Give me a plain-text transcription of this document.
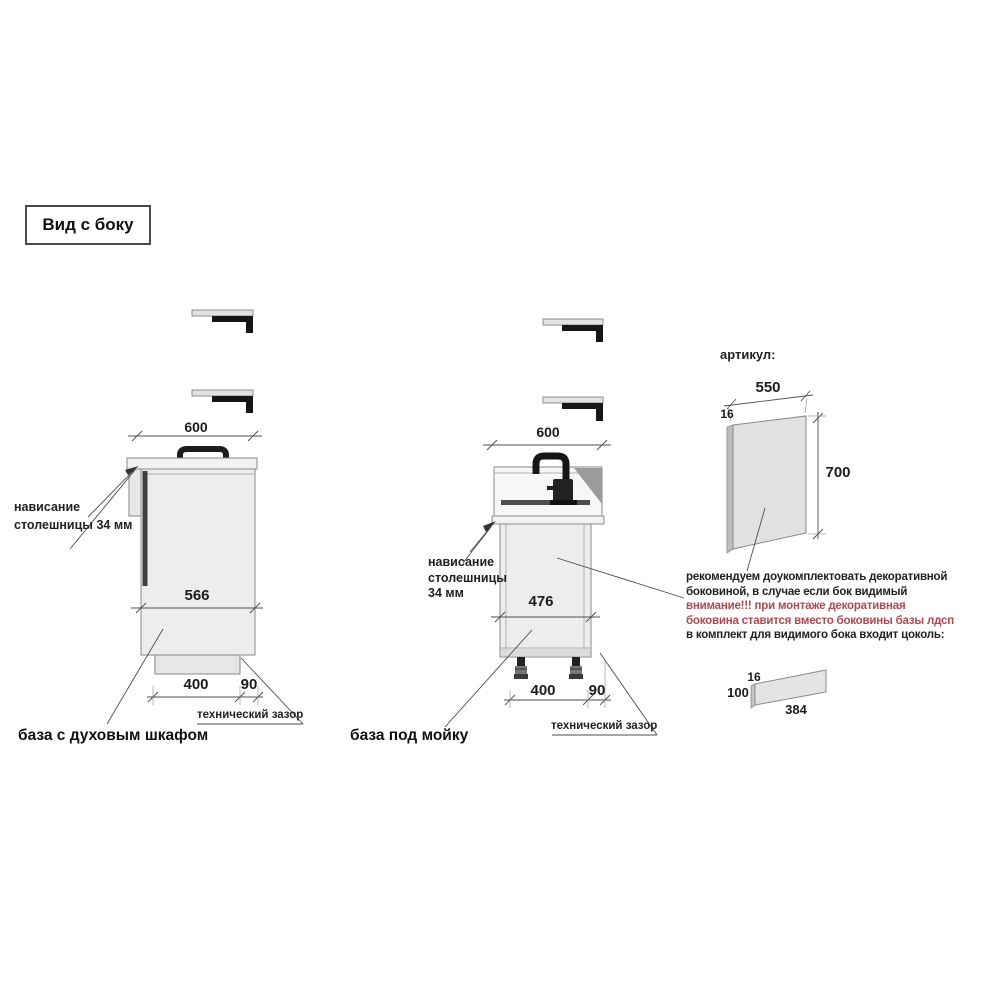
Вид с боку
600
566
400 90
нависание
столешницы 34 мм
технический зазор
база с духовым шкафом
600
476
400 90
нависание
столешницы
34 мм
технический зазор
база под мойку
артикул:
550
16
700
рекомендуем доукомплектовать декоративной
боковиной, в случае если бок видимый
внимание!!! при монтаже декоративная
боковина ставится вместо боковины базы лдсп
в комплект для видимого бока входит цоколь:
16
100
384
